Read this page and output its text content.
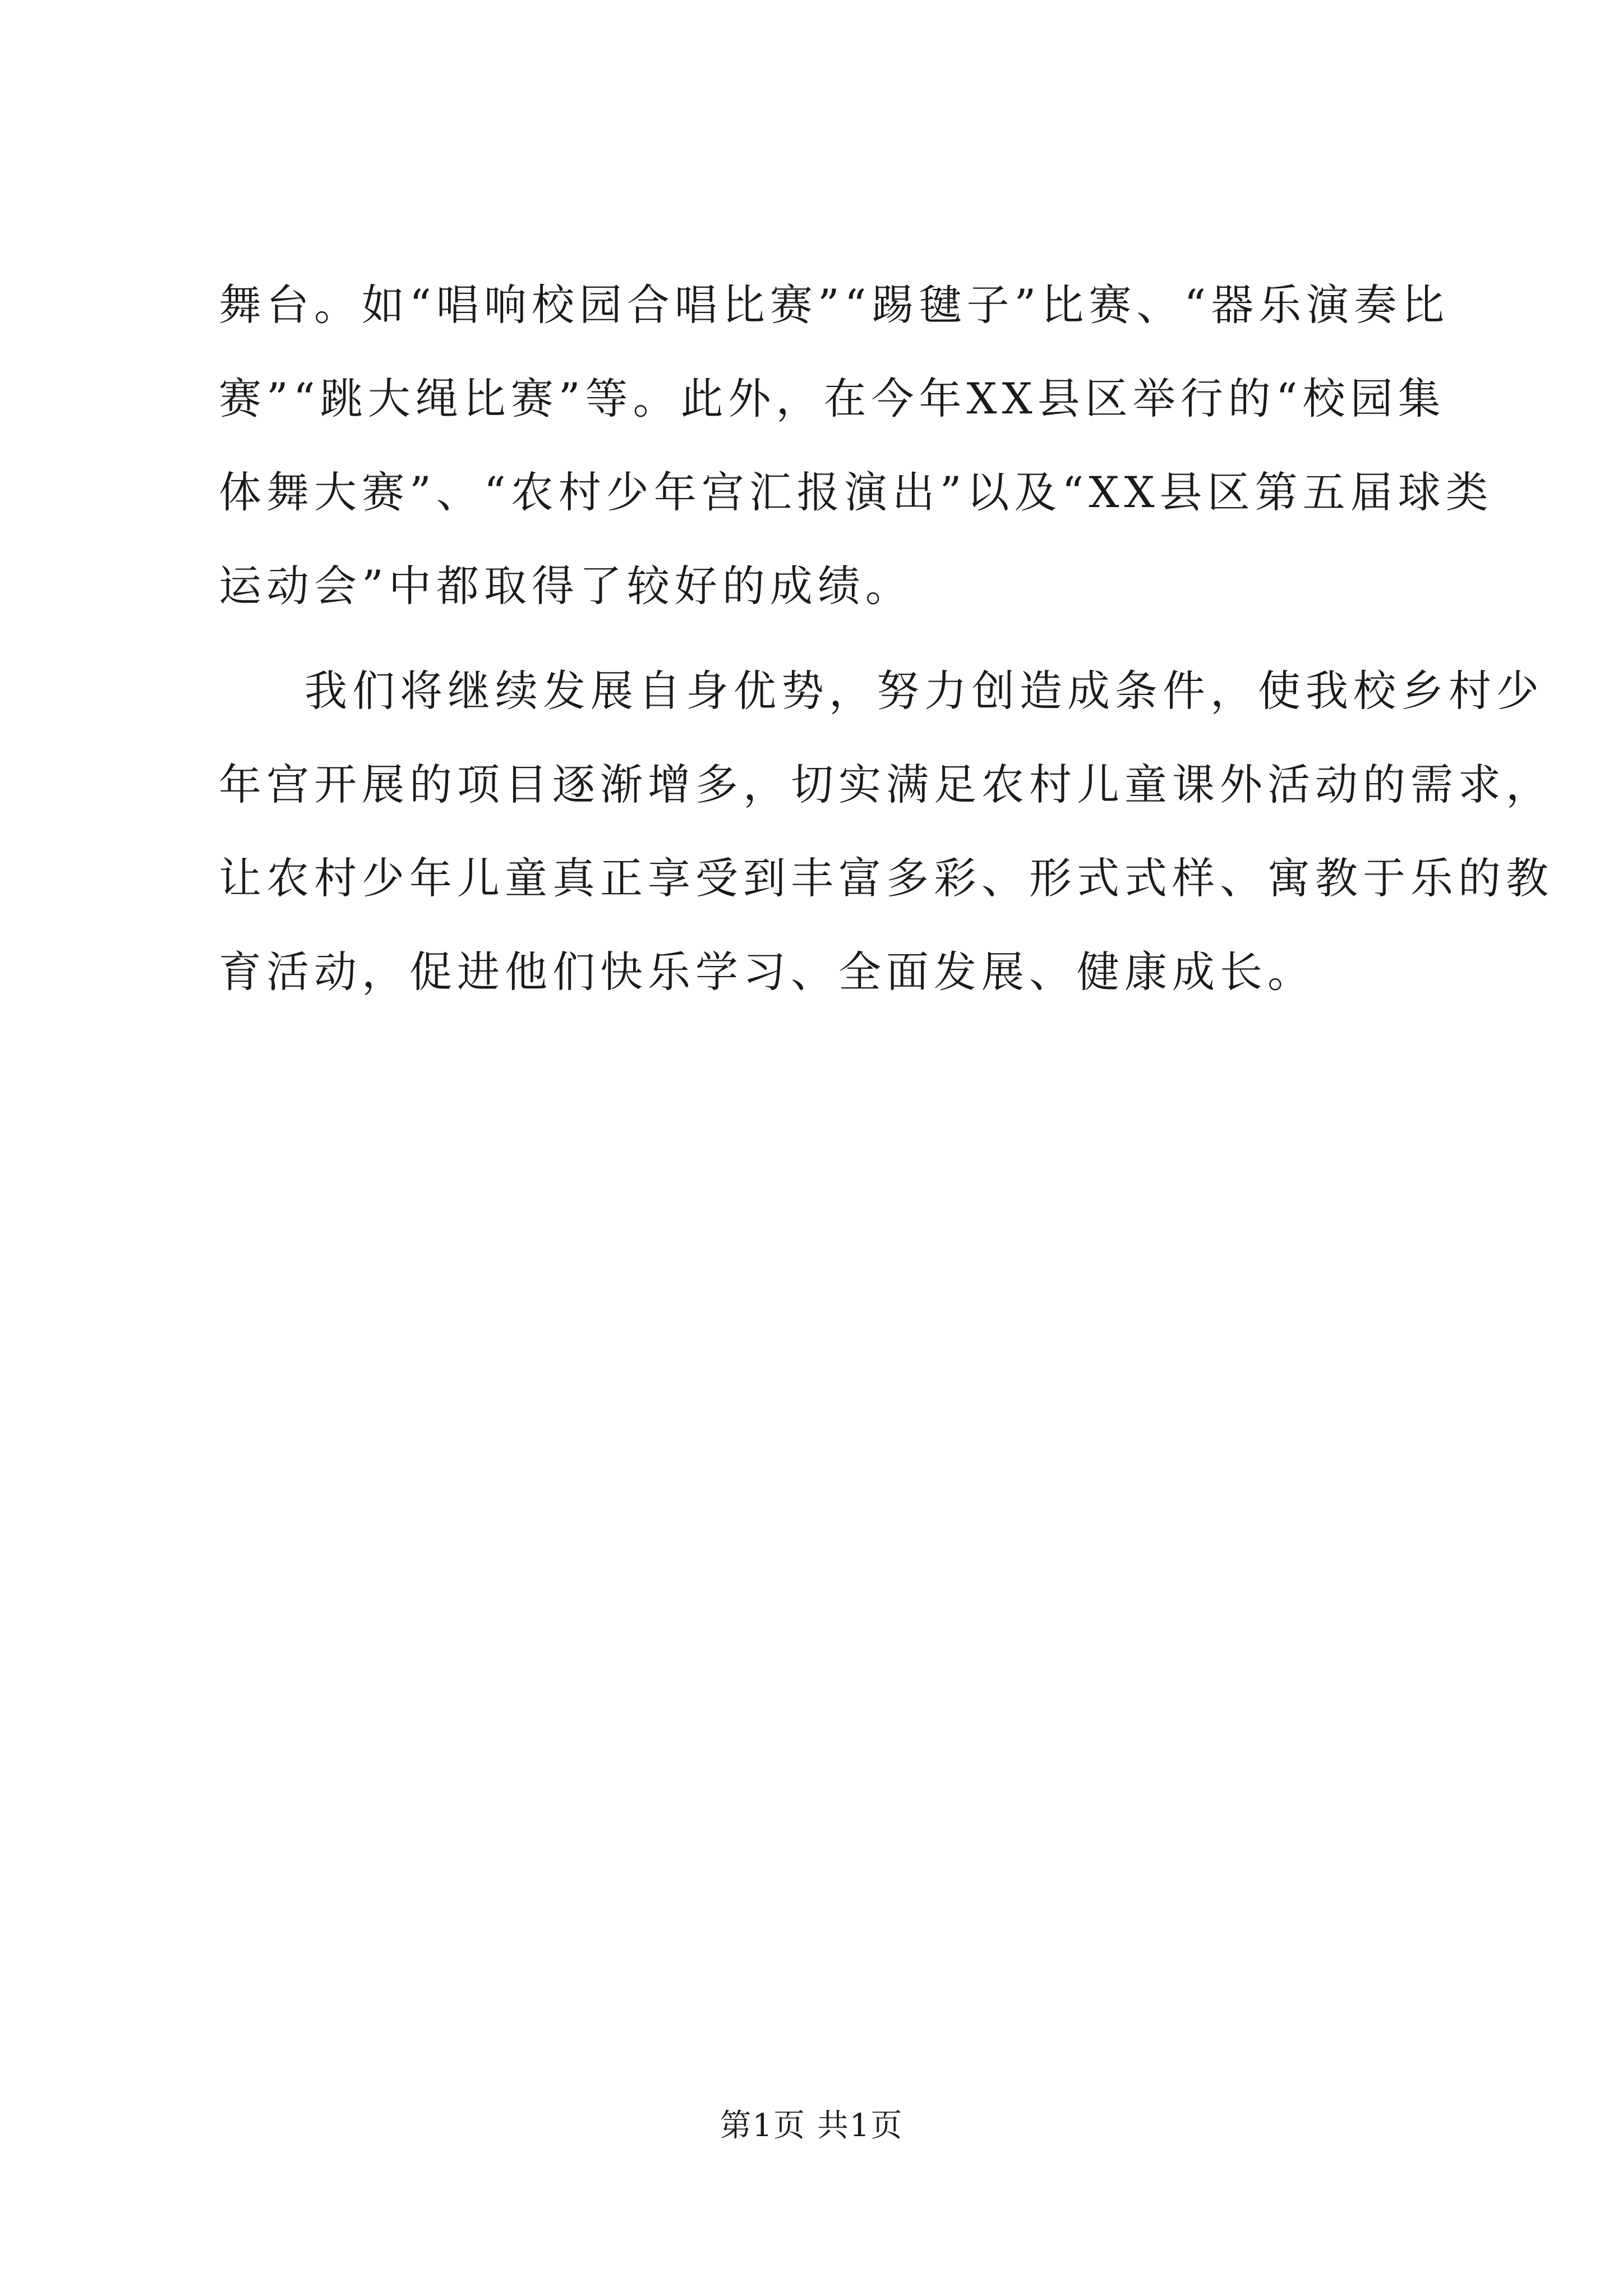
舞台。如“唱响校园合唱比赛”“踢毽子”比赛、“器乐演奏比
赛”“跳大绳比赛”等。此外，在今年XX县区举行的“校园集
体舞大赛”、“农村少年宫汇报演出”以及“XX县区第五届球类
运动会”中都取得了较好的成绩。
我们将继续发展自身优势，努力创造成条件，使我校乡村少
年宫开展的项目逐渐增多，切实满足农村儿童课外活动的需求，
让农村少年儿童真正享受到丰富多彩、形式式样、寓教于乐的教
育活动，促进他们快乐学习、全面发展、健康成长。
第1页 共1页
